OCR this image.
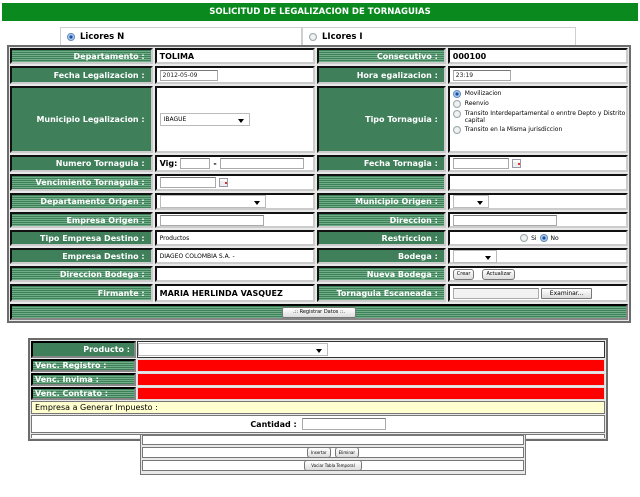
SOLICITUD DE LEGALIZACION DE TORNAGUIAS
Licores N	LIcores I
Departamento :	TOLIMA	Consecutivo :	000100
Fecha Legalizacion :	2012-05-09	Hora egalizacion :	23:19
Municipio Legalizacion :	IBAGUE	Tipo Tornaguia :
Movilizacion
Reenvio
Transito Interdepartamental o enntre Depto y Distrito capital
Transito en la Misma jurisdiccion
Numero Tornaguia :	Vig:	-	Fecha Tornagia :
Vencimiento Tornaguia :
Departamento Origen :	Municipio Origen :
Empresa Origen :	Direccion :
Tipo Empresa Destino :	Productos	Restriccion :	Si No
Empresa Destino :	DIAGEO COLOMBIA S.A. -	Bodega :
Direccion Bodega :	Nueva Bodega :	Crear	Actualizar
Firmante :	MARIA HERLINDA VASQUEZ	Tornaguia Escaneada :	Examinar...
.:: Registrar Datos ::.
Producto :
Venc. Registro :
Venc. Invima :
Venc. Contrato :
Empresa a Generar Impuesto :
Cantidad :
Insertar	Eliminar
Vaciar Tabla Temporal
